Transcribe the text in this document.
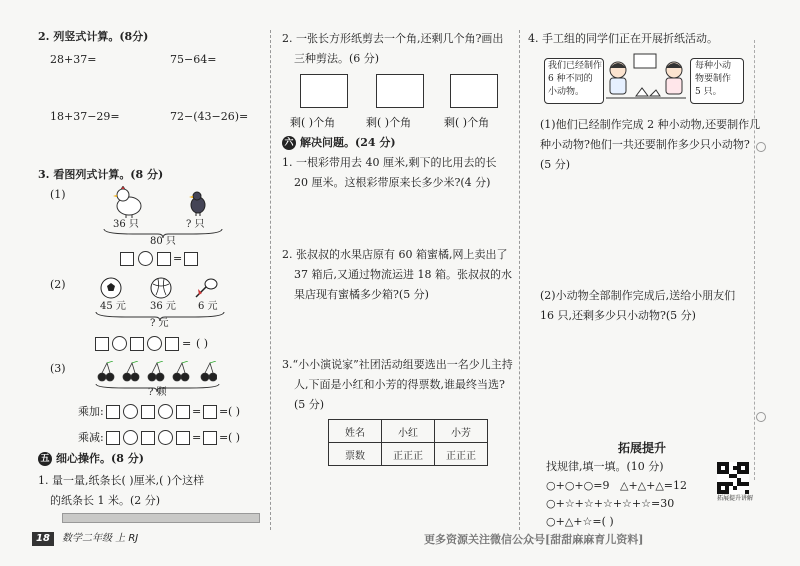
2. 列竖式计算。(8分)
28+37=	75−64=
18+37−29=	72−(43−26)=
3. 看图列式计算。(8 分)
(1)
36 只	? 只
80 只
=
(2)
45 元 36 元 6 元
? 元
= ( )
(3)
? 颗
乘加:	= = ( )
乘减:	= = ( )
五 细心操作。(8 分)
1. 量一量,纸条长( )厘米,( )个这样
的纸条长 1 米。(2 分)
2. 一张长方形纸剪去一个角,还剩几个角?画出
三种剪法。(6 分)
剩( )个角	剩( )个角	剩( )个角
六 解决问题。(24 分)
1. 一根彩带用去 40 厘米,剩下的比用去的长
20 厘米。这根彩带原来长多少米?(4 分)
2. 张叔叔的水果店原有 60 箱蜜橘,网上卖出了
37 箱后,又通过物流运进 18 箱。张叔叔的水
果店现有蜜橘多少箱?(5 分)
3.“小小演说家”社团活动组要选出一名少儿主持
人,下面是小红和小芳的得票数,谁最终当选?
(5 分)
姓名	小红	小芳
票数	正正正	正正正
4. 手工组的同学们正在开展折纸活动。
我们已经制作
6 种不同的
小动物。
每种小动
物要制作
5 只。
(1)他们已经制作完成 2 种小动物,还要制作几
种小动物?他们一共还要制作多少只小动物?
(5 分)
(2)小动物全部制作完成后,送给小朋友们
16 只,还剩多少只小动物?(5 分)
拓展提升
找规律,填一填。(10 分)
○+○+○=9 △+△+△=12
○+☆+☆+☆+☆+☆=30
○+△+☆=( )
拓展提升讲解
18	数学二年级 上 RJ	更多资源关注微信公众号[甜甜麻麻育儿资料]
